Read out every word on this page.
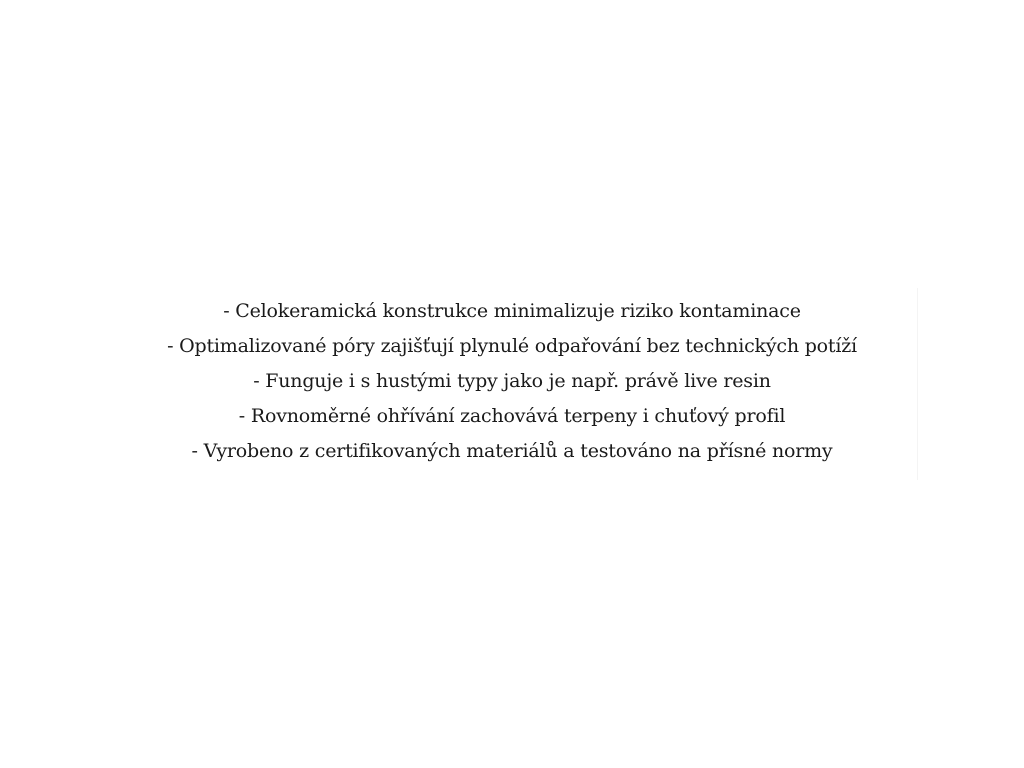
- Celokeramická konstrukce minimalizuje riziko kontaminace
- Optimalizované póry zajišťují plynulé odpařování bez technických potíží
- Funguje i s hustými typy jako je např. právě live resin
- Rovnoměrné ohřívání zachovává terpeny i chuťový profil
- Vyrobeno z certifikovaných materiálů a testováno na přísné normy
